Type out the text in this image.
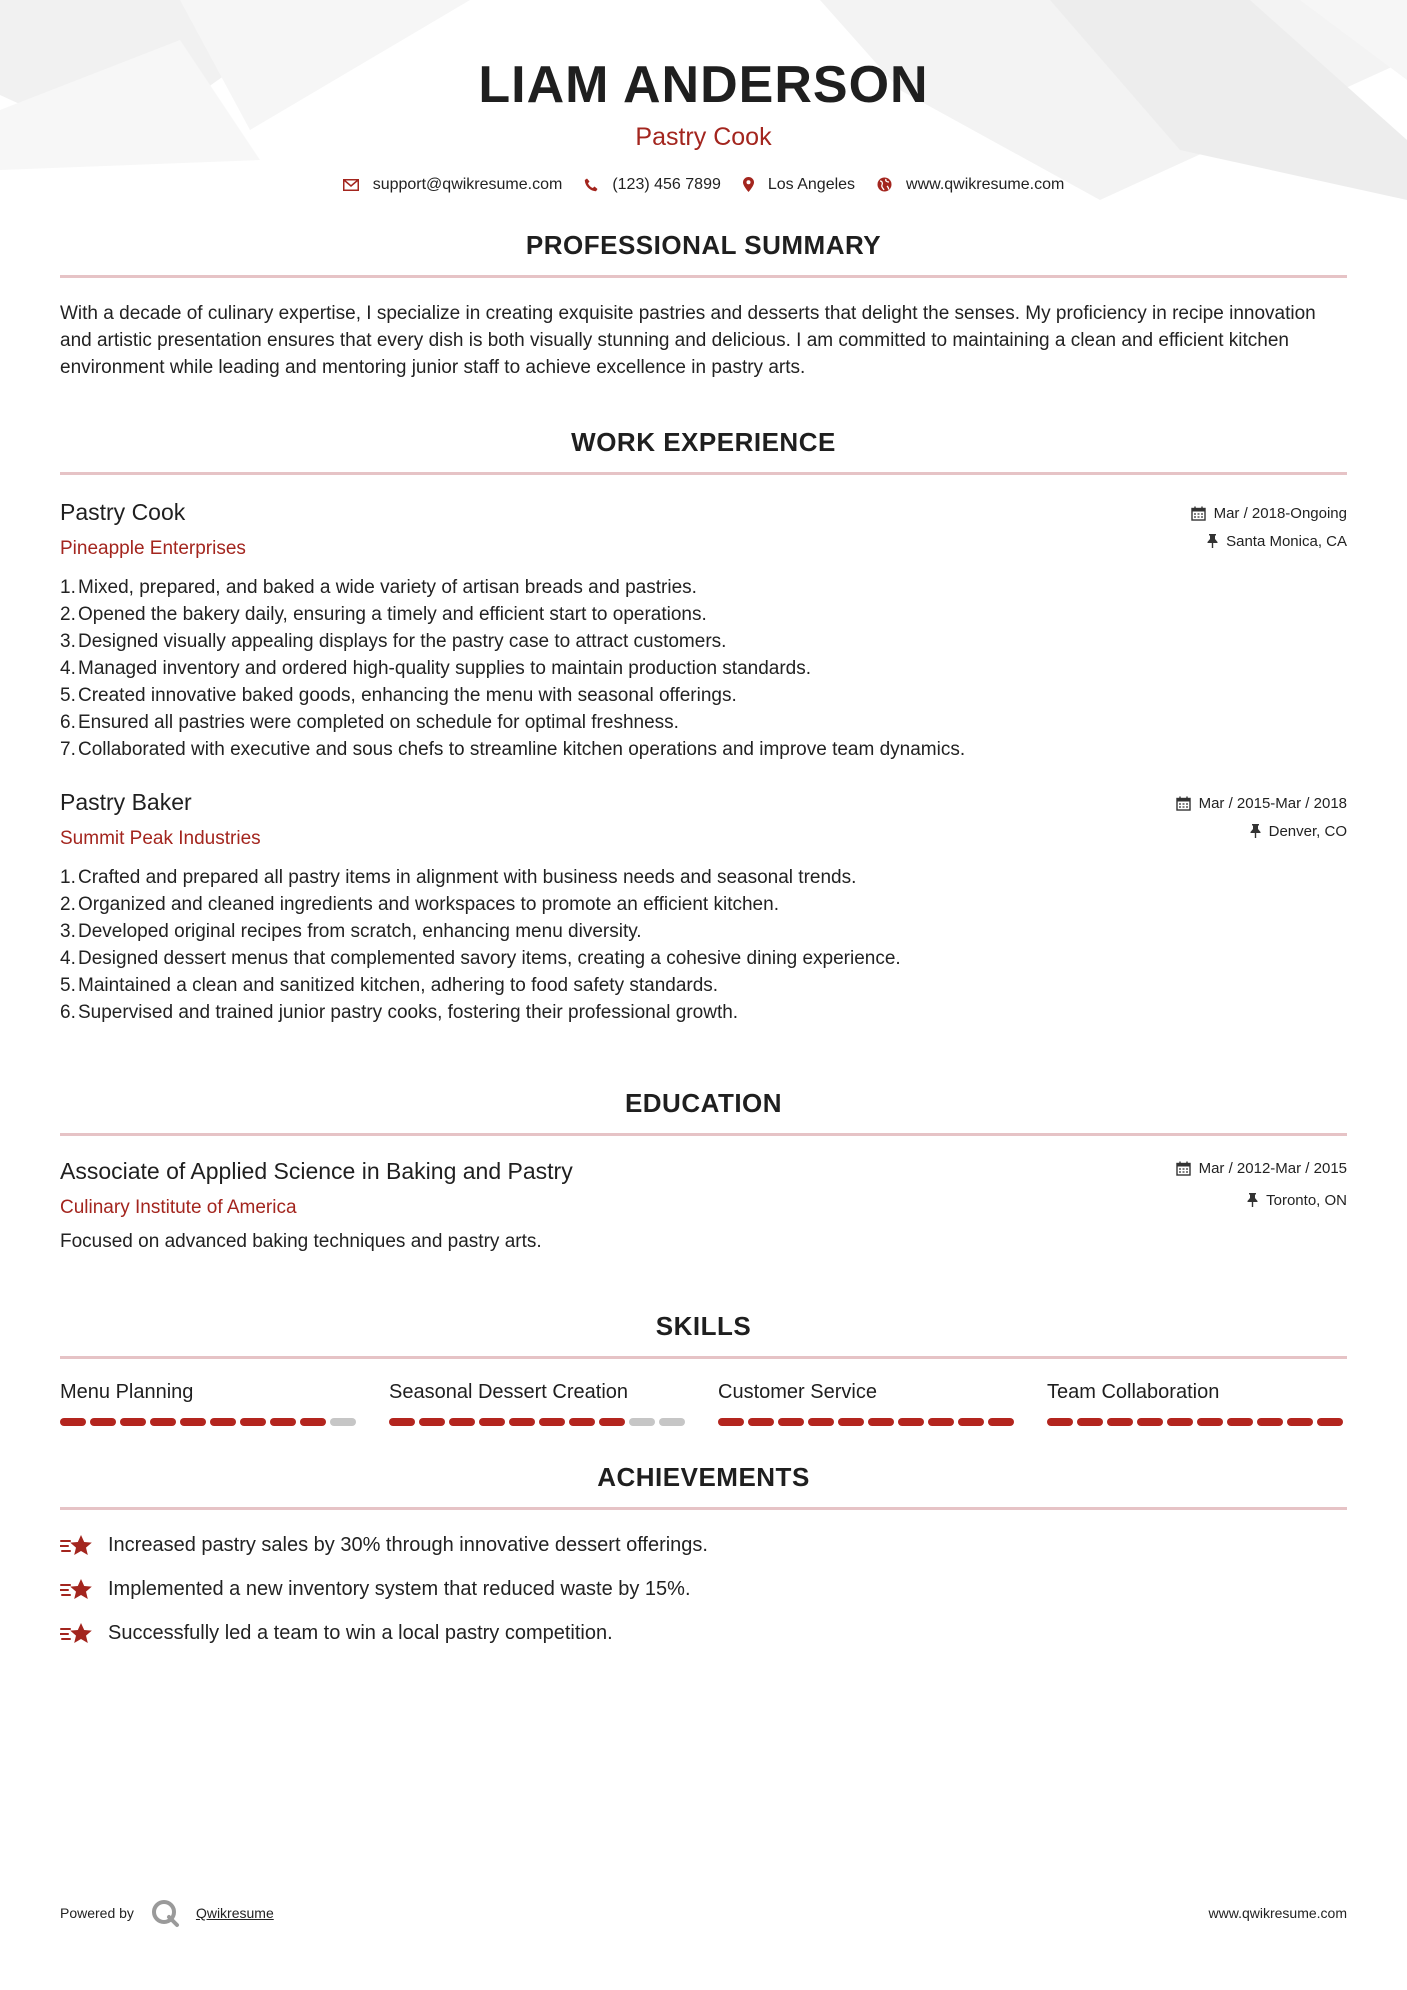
LIAM ANDERSON
Pastry Cook
support@qwikresume.com	(123) 456 7899	Los Angeles	www.qwikresume.com
PROFESSIONAL SUMMARY

With a decade of culinary expertise, I specialize in creating exquisite pastries and desserts that delight the senses. My proficiency in recipe innovation and artistic presentation ensures that every dish is both visually stunning and delicious. I am committed to maintaining a clean and efficient kitchen environment while leading and mentoring junior staff to achieve excellence in pastry arts.

WORK EXPERIENCE
Mar / 2018-Ongoing
Santa Monica, CA
Pastry Cook
Pineapple Enterprises
1. Mixed, prepared, and baked a wide variety of artisan breads and pastries.
2. Opened the bakery daily, ensuring a timely and efficient start to operations.
3. Designed visually appealing displays for the pastry case to attract customers.
4. Managed inventory and ordered high-quality supplies to maintain production standards.
5. Created innovative baked goods, enhancing the menu with seasonal offerings.
6. Ensured all pastries were completed on schedule for optimal freshness.
7. Collaborated with executive and sous chefs to streamline kitchen operations and improve team dynamics.
Mar / 2015-Mar / 2018
Denver, CO
Pastry Baker
Summit Peak Industries
1. Crafted and prepared all pastry items in alignment with business needs and seasonal trends.
2. Organized and cleaned ingredients and workspaces to promote an efficient kitchen.
3. Developed original recipes from scratch, enhancing menu diversity.
4. Designed dessert menus that complemented savory items, creating a cohesive dining experience.
5. Maintained a clean and sanitized kitchen, adhering to food safety standards.
6. Supervised and trained junior pastry cooks, fostering their professional growth.
EDUCATION
Mar / 2012-Mar / 2015
Toronto, ON
Associate of Applied Science in Baking and Pastry
Culinary Institute of America
Focused on advanced baking techniques and pastry arts.
SKILLS
Menu Planning	Seasonal Dessert Creation	Customer Service	Team Collaboration
ACHIEVEMENTS
Increased pastry sales by 30% through innovative dessert offerings.
Implemented a new inventory system that reduced waste by 15%.
Successfully led a team to win a local pastry competition.
Powered by	Qwikresume	www.qwikresume.com
